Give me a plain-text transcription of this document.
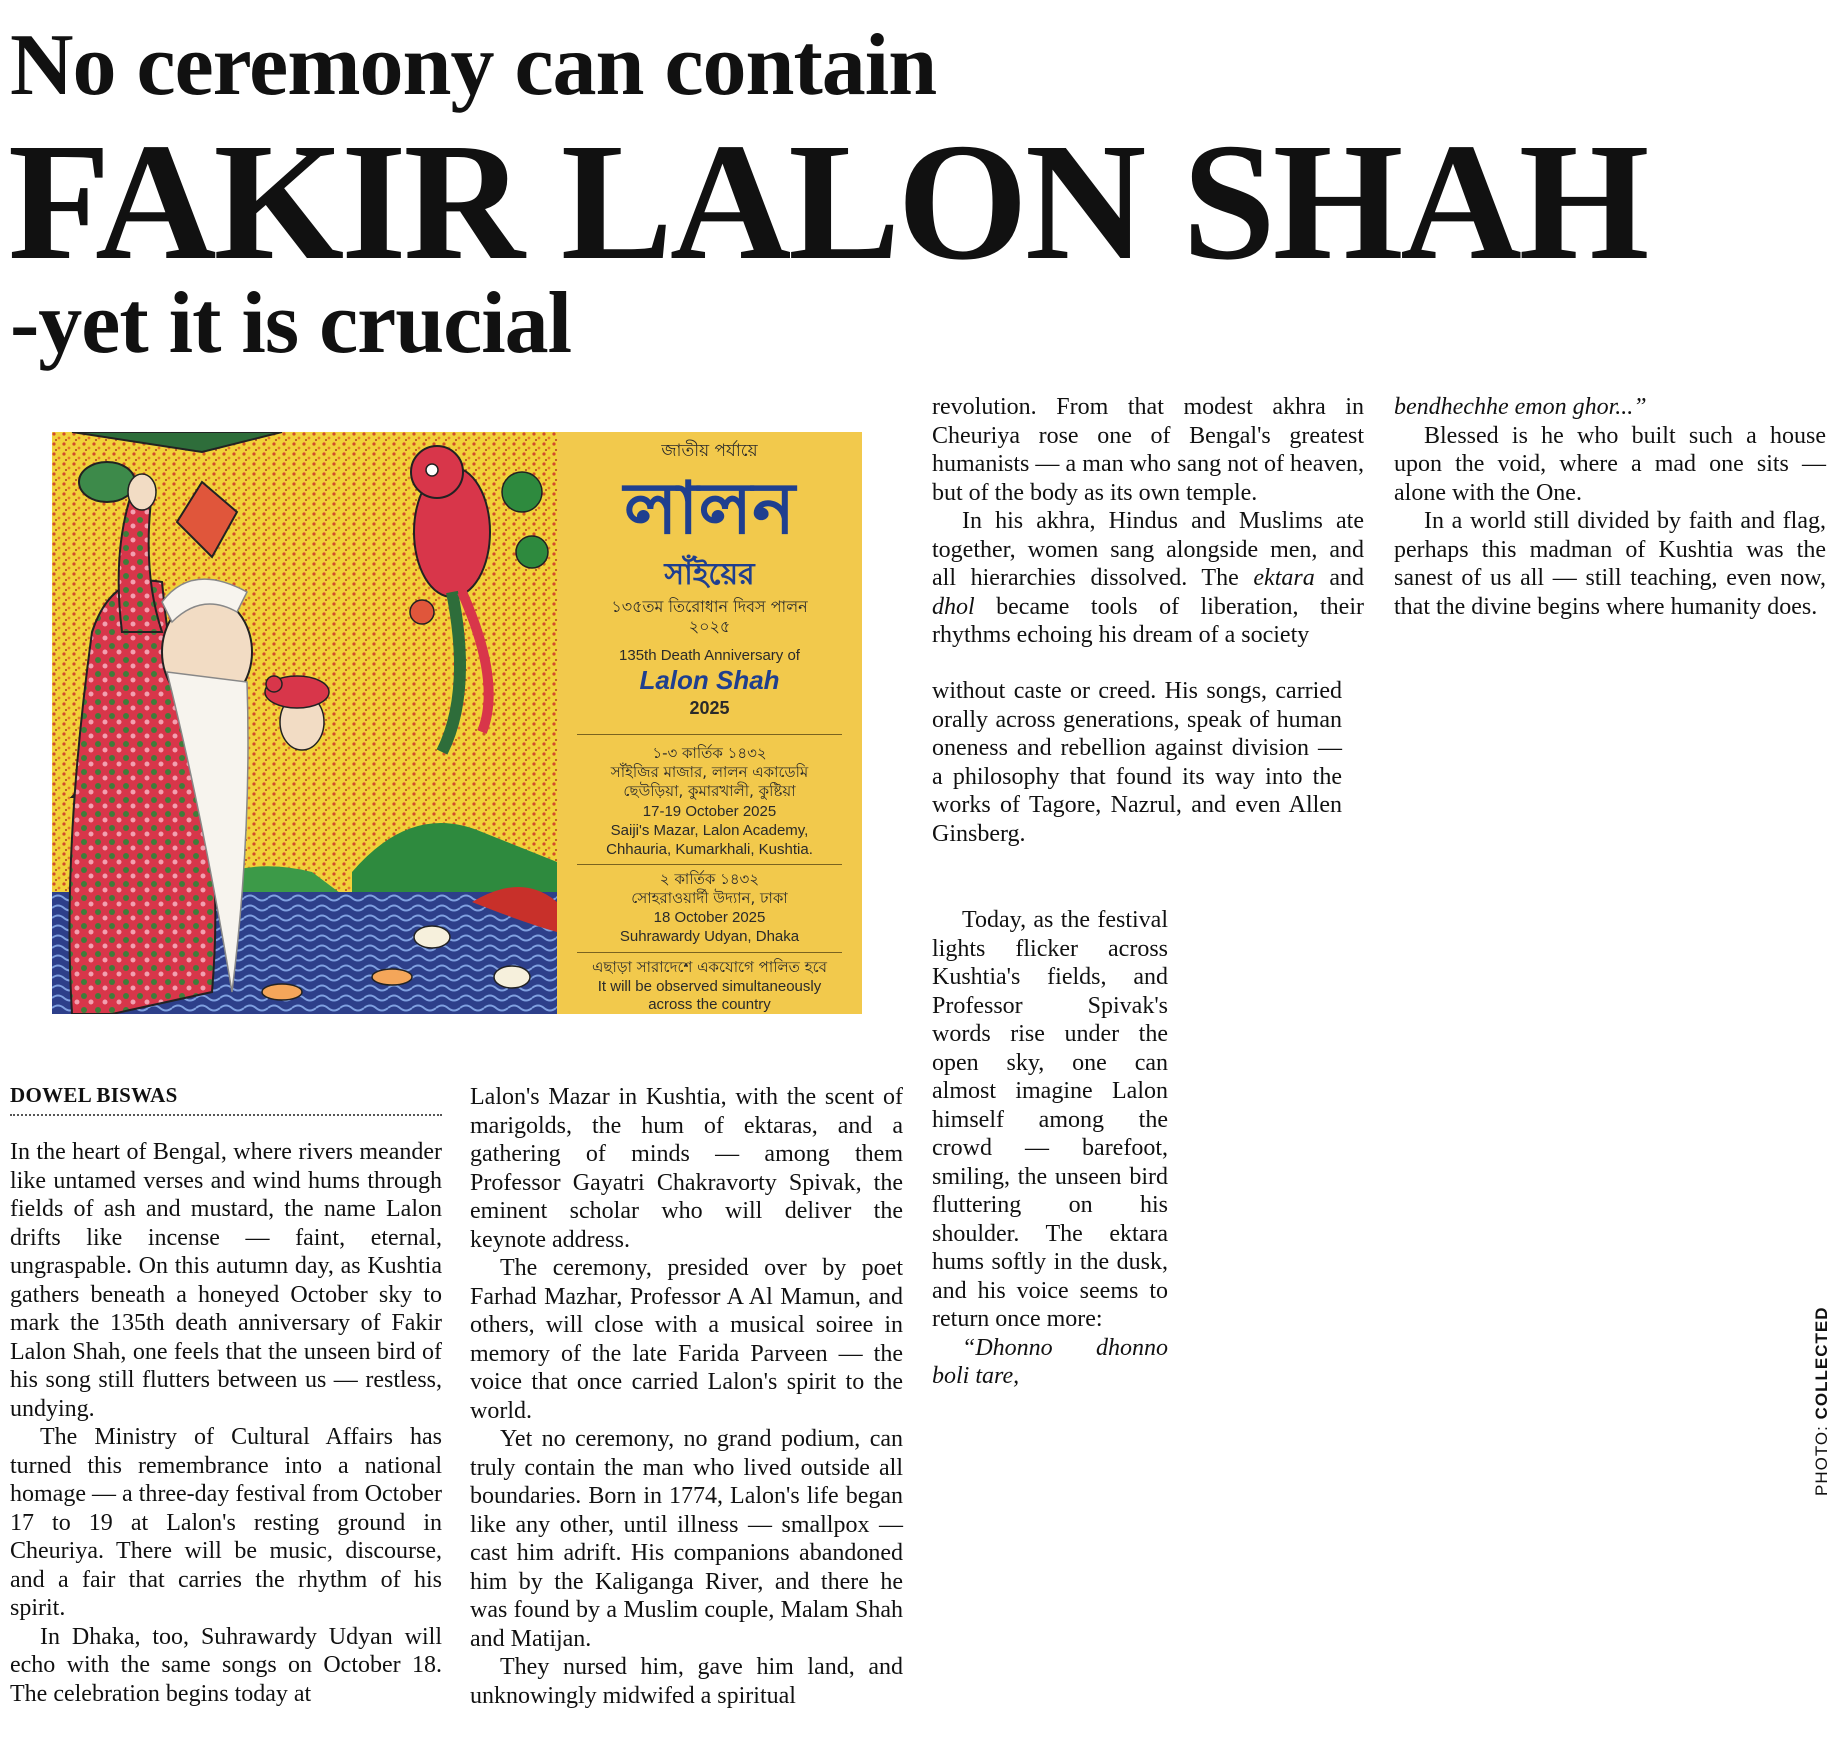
No ceremony can contain
FAKIR LALON SHAH
-yet it is crucial
জাতীয় পর্যায়ে
লালন
সাঁইয়ের
১৩৫তম তিরোধান দিবস পালন
২০২৫
135th Death Anniversary of
Lalon Shah
2025
১-৩ কার্তিক ১৪৩২
সাঁইজির মাজার, লালন একাডেমি
ছেউড়িয়া, কুমারখালী, কুষ্টিয়া
17-19 October 2025
Saiji's Mazar, Lalon Academy,
Chhauria, Kumarkhali, Kushtia.
২ কার্তিক ১৪৩২
সোহরাওয়ার্দী উদ্যান, ঢাকা
18 October 2025
Suhrawardy Udyan, Dhaka
এছাড়া সারাদেশে একযোগে পালিত হবে
It will be observed simultaneously
across the country
DOWEL BISWAS

In the heart of Bengal, where rivers meander like untamed verses and wind hums through fields of ash and mustard, the name Lalon drifts like incense — faint, eternal, ungraspable. On this autumn day, as Kushtia gathers beneath a honeyed October sky to mark the 135th death anniversary of Fakir Lalon Shah, one feels that the unseen bird of his song still flutters between us — restless, undying.

The Ministry of Cultural Affairs has turned this remembrance into a national homage — a three-day festival from October 17 to 19 at Lalon's resting ground in Cheuriya. There will be music, discourse, and a fair that carries the rhythm of his spirit.

In Dhaka, too, Suhrawardy Udyan will echo with the same songs on October 18. The celebration begins today at

Lalon's Mazar in Kushtia, with the scent of marigolds, the hum of ektaras, and a gathering of minds — among them Professor Gayatri Chakravorty Spivak, the eminent scholar who will deliver the keynote address.

The ceremony, presided over by poet Farhad Mazhar, Professor A Al Mamun, and others, will close with a musical soiree in memory of the late Farida Parveen — the voice that once carried Lalon's spirit to the world.

Yet no ceremony, no grand podium, can truly contain the man who lived outside all boundaries. Born in 1774, Lalon's life began like any other, until illness — smallpox — cast him adrift. His companions abandoned him by the Kaliganga River, and there he was found by a Muslim couple, Malam Shah and Matijan.

They nursed him, gave him land, and unknowingly midwifed a spiritual

revolution. From that modest akhra in Cheuriya rose one of Bengal's greatest humanists — a man who sang not of heaven, but of the body as its own temple.

In his akhra, Hindus and Muslims ate together, women sang alongside men, and all hierarchies dissolved. The ektara and dhol became tools of liberation, their rhythms echoing his dream of a society

without caste or creed. His songs, carried orally across generations, speak of human oneness and rebellion against division — a philosophy that found its way into the works of Tagore, Nazrul, and even Allen Ginsberg.

Today, as the festival lights flicker across Kushtia's fields, and Professor Spivak's words rise under the open sky, one can almost imagine Lalon himself among the crowd — barefoot, smiling, the unseen bird fluttering on his shoulder. The ektara hums softly in the dusk, and his voice seems to return once more:

“Dhonno dhonno boli tare,

bendhechhe emon ghor...”

Blessed is he who built such a house upon the void, where a mad one sits — alone with the One.

In a world still divided by faith and flag, perhaps this madman of Kushtia was the sanest of us all — still teaching, even now, that the divine begins where humanity does.

PHOTO: COLLECTED
